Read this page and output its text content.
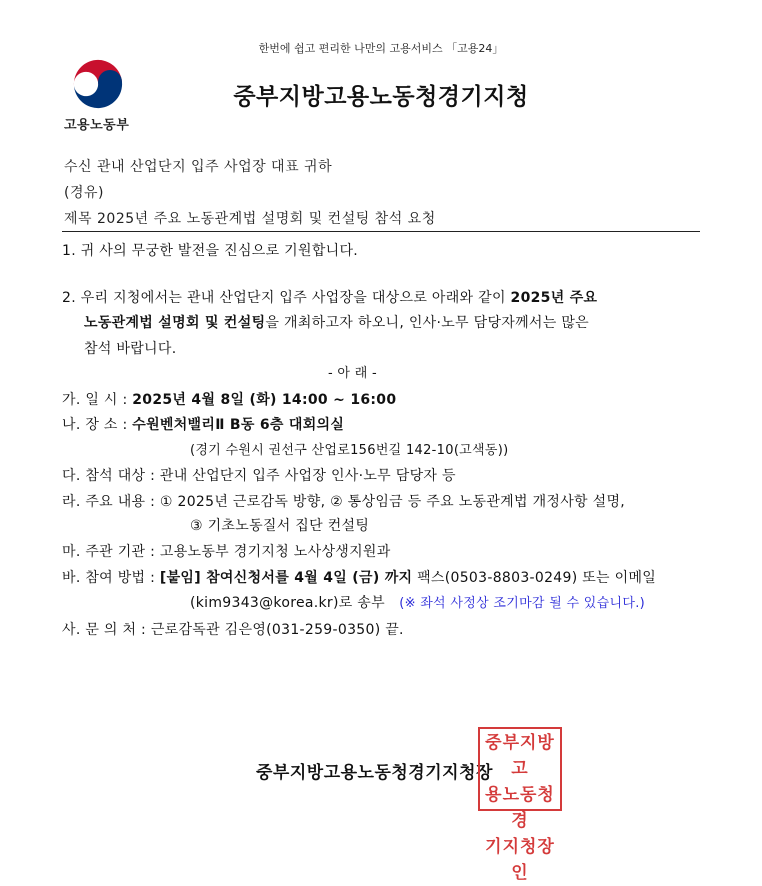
한번에 쉽고 편리한 나만의 고용서비스 「고용24」
고용노동부
중부지방고용노동청경기지청
수신 관내 산업단지 입주 사업장 대표 귀하
(경유)
제목 2025년 주요 노동관계법 설명회 및 컨설팅 참석 요청
1. 귀 사의 무궁한 발전을 진심으로 기원합니다.
2. 우리 지청에서는 관내 산업단지 입주 사업장을 대상으로 아래와 같이 2025년 주요
노동관계법 설명회 및 컨설팅을 개최하고자 하오니, 인사·노무 담당자께서는 많은
참석 바랍니다.
- 아 래 -
가. 일 시 : 2025년 4월 8일 (화) 14:00 ~ 16:00
나. 장 소 : 수원벤처밸리Ⅱ B동 6층 대회의실
(경기 수원시 권선구 산업로156번길 142-10(고색동))
다. 참석 대상 : 관내 산업단지 입주 사업장 인사·노무 담당자 등
라. 주요 내용 : ① 2025년 근로감독 방향, ② 통상임금 등 주요 노동관계법 개정사항 설명,
③ 기초노동질서 집단 컨설팅
마. 주관 기관 : 고용노동부 경기지청 노사상생지원과
바. 참여 방법 : [붙임] 참여신청서를 4월 4일 (금) 까지 팩스(0503-8803-0249) 또는 이메일
(kim9343@korea.kr)로 송부 (※ 좌석 사정상 조기마감 될 수 있습니다.)
사. 문 의 처 : 근로감독관 김은영(031-259-0350) 끝.
중부지방고용노동청경기지청장
중부지방고
용노동청경
기지청장인
